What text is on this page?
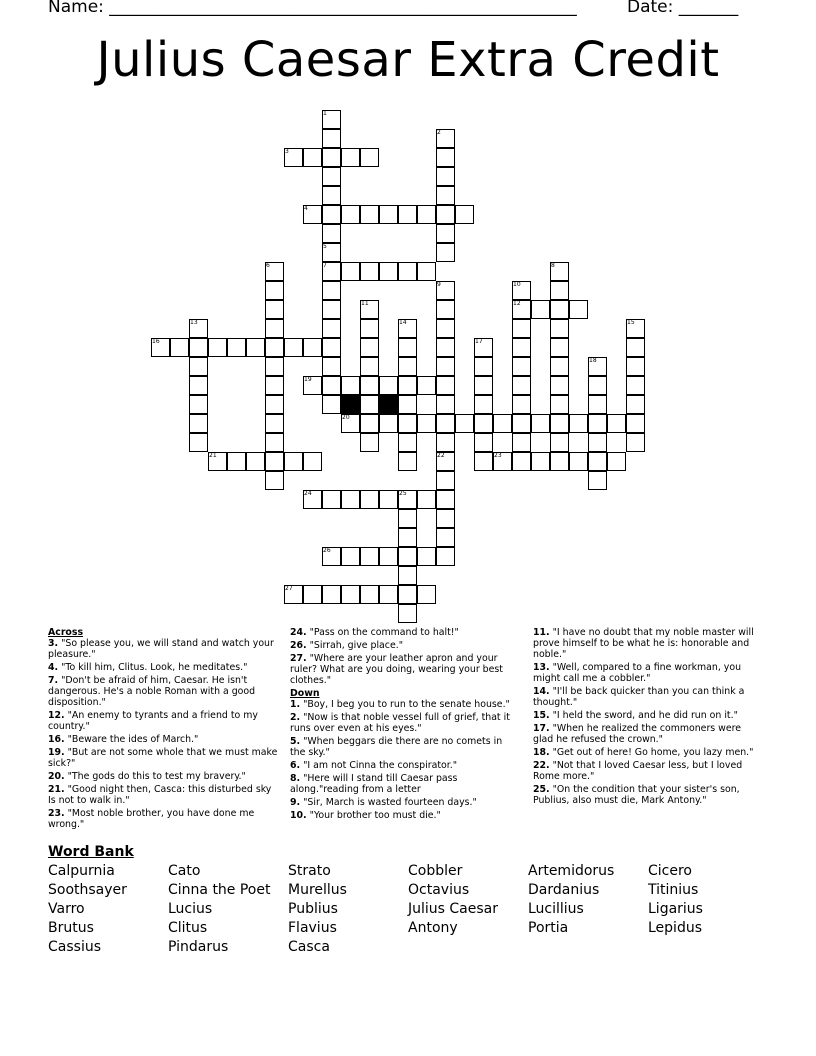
Name: _______________________________________________________	Date: _______
Julius Caesar Extra Credit
1
2
3
4
5
6	7	8
9	10
11	12
13	14	15
16	17
18
19
20
21	22	23
24	25
26
27
Across
3. "So please you, we will stand and watch your pleasure."
4. "To kill him, Clitus. Look, he meditates."
7. "Don't be afraid of him, Caesar. He isn't dangerous. He's a noble Roman with a good disposition."
12. "An enemy to tyrants and a friend to my country."
16. "Beware the ides of March."
19. "But are not some whole that we must make sick?"
20. "The gods do this to test my bravery."
21. "Good night then, Casca: this disturbed sky Is not to walk in."
23. "Most noble brother, you have done me wrong."
24. "Pass on the command to halt!"
26. "Sirrah, give place."
27. "Where are your leather apron and your ruler? What are you doing, wearing your best clothes."
Down
1. "Boy, I beg you to run to the senate house."
2. "Now is that noble vessel full of grief, that it runs over even at his eyes."
5. "When beggars die there are no comets in the sky."
6. "I am not Cinna the conspirator."
8. "Here will I stand till Caesar pass along."reading from a letter
9. "Sir, March is wasted fourteen days."
10. "Your brother too must die."
11. "I have no doubt that my noble master will prove himself to be what he is: honorable and noble."
13. "Well, compared to a fine workman, you might call me a cobbler."
14. "I'll be back quicker than you can think a thought."
15. "I held the sword, and he did run on it."
17. "When he realized the commoners were glad he refused the crown."
18. "Get out of here! Go home, you lazy men."
22. "Not that I loved Caesar less, but I loved Rome more."
25. "On the condition that your sister's son, Publius, also must die, Mark Antony."
Word Bank
Calpurnia
Soothsayer
Varro
Brutus
Cassius
Cato
Cinna the Poet
Lucius
Clitus
Pindarus
Strato
Murellus
Publius
Flavius
Casca
Cobbler
Octavius
Julius Caesar
Antony
Artemidorus
Dardanius
Lucillius
Portia
Cicero
Titinius
Ligarius
Lepidus
